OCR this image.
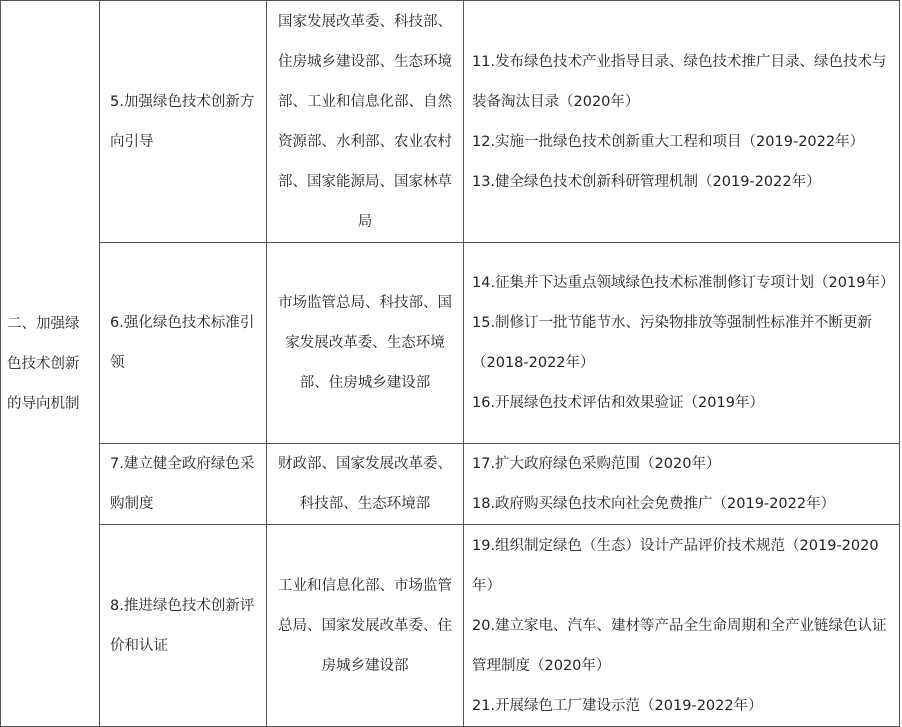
二、加强绿色技术创新的导向机制	5.加强绿色技术创新方向引导	国家发展改革委、科技部、住房城乡建设部、生态环境部、工业和信息化部、自然资源部、水利部、农业农村部、国家能源局、国家林草局	11.发布绿色技术产业指导目录、绿色技术推广目录、绿色技术与装备淘汰目录（2020年）
12.实施一批绿色技术创新重大工程和项目（2019-2022年）
13.健全绿色技术创新科研管理机制（2019-2022年）

	6.强化绿色技术标准引领	市场监管总局、科技部、国家发展改革委、生态环境部、住房城乡建设部	14.征集并下达重点领域绿色技术标准制修订专项计划（2019年）
15.制修订一批节能节水、污染物排放等强制性标准并不断更新（2018-2022年）
16.开展绿色技术评估和效果验证（2019年）

	7.建立健全政府绿色采购制度	财政部、国家发展改革委、科技部、生态环境部	17.扩大政府绿色采购范围（2020年）
18.政府购买绿色技术向社会免费推广（2019-2022年）

	8.推进绿色技术创新评价和认证	工业和信息化部、市场监管总局、国家发展改革委、住房城乡建设部	19.组织制定绿色（生态）设计产品评价技术规范（2019-2020年）
20.建立家电、汽车、建材等产品全生命周期和全产业链绿色认证管理制度（2020年）
21.开展绿色工厂建设示范（2019-2022年）
